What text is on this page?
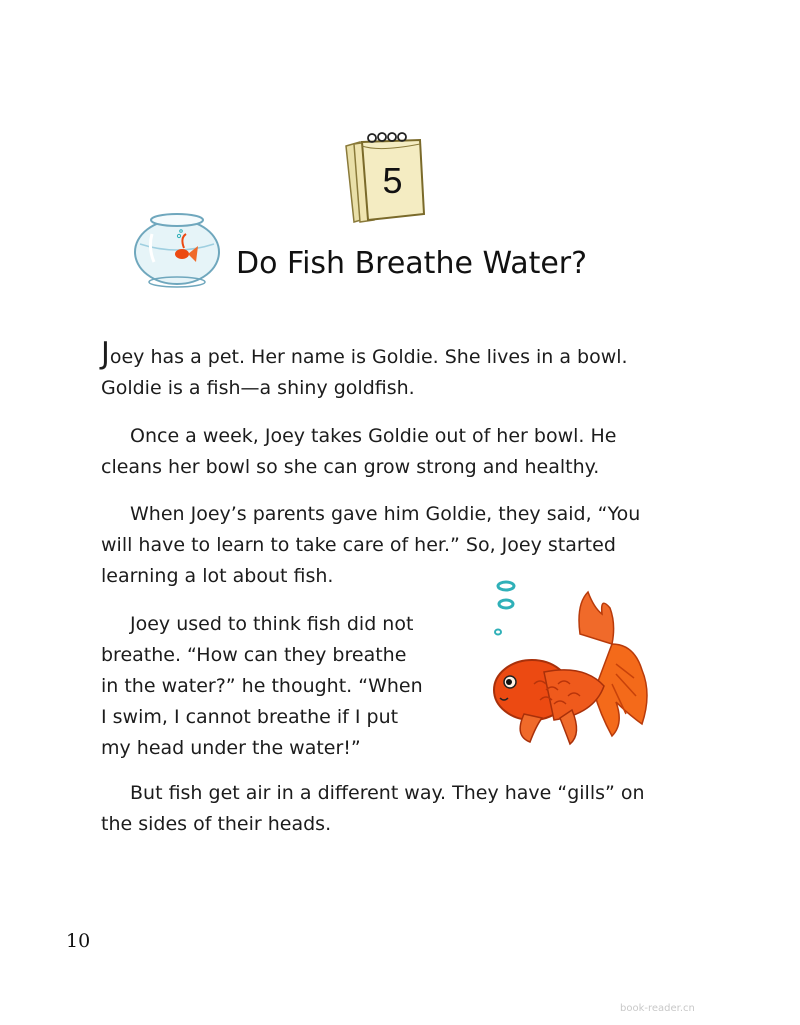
5
Do Fish Breathe Water?

Joey has a pet. Her name is Goldie. She lives in a bowl.
Goldie is a fish—a shiny goldfish.

Once a week, Joey takes Goldie out of her bowl. He
cleans her bowl so she can grow strong and healthy.

When Joey’s parents gave him Goldie, they said, “You
will have to learn to take care of her.” So, Joey started
learning a lot about fish.

Joey used to think fish did not
breathe. “How can they breathe
in the water?” he thought. “When
I swim, I cannot breathe if I put
my head under the water!”

But fish get air in a different way. They have “gills” on
the sides of their heads.

10
book-reader.cn
